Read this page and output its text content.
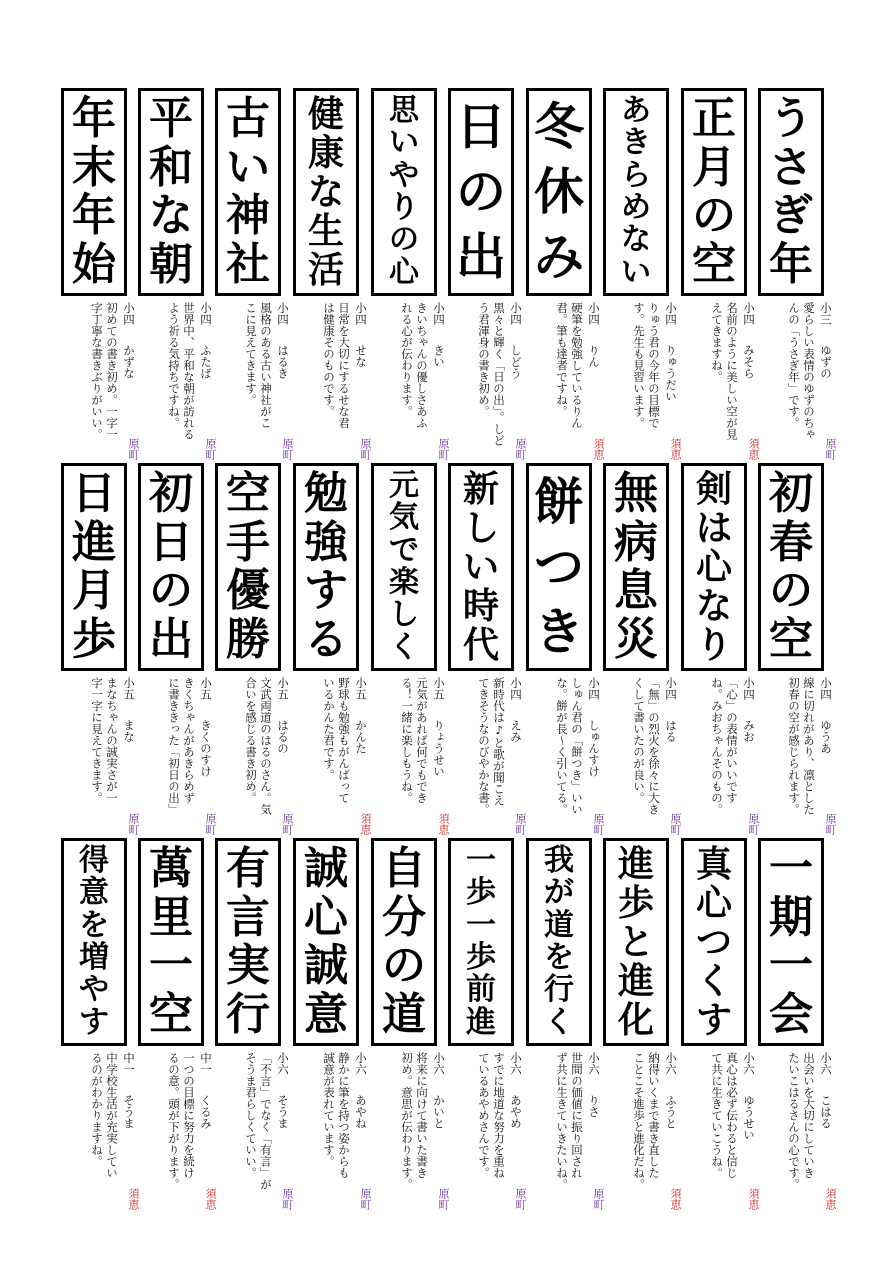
う
さ
ぎ
年
小三　ゆずの
愛らしい表情のゆずのちゃ
んの「うさぎ年」です。
原町
正
月
の
空
小四　みそら
名前のように美しい空が見
えてきますね。
須恵
あ
き
ら
め
な
い
小四　りゅうだい
りゅう君の今年の目標で
す。先生も見習います。
須恵
冬
休
み
小四　りん
硬筆を勉強しているりん
君。筆も達者ですね。
須恵
日
の
出
小四　しどう
黒々と輝く「日の出」。しど
う君渾身の書き初め。
原町
思
い
や
り
の
心
小四　きい
きいちゃんの優しさあふ
れる心が伝わります。
原町
健
康
な
生
活
小四　せな
日常を大切にするせな君
は健康そのものです。
原町
古
い
神
社
小四　はるき
風格のある古い神社がこ
こに見えてきます。
原町
平
和
な
朝
小四　ふたば
世界中、平和な朝が訪れる
よう祈る気持ちですね。
原町
年
末
年
始
小四　かずな
初めての書き初め。一字一
字丁寧な書きぶりがいい。
原町
初
春
の
空
小四　ゆうあ
線に切れがあり、凛とした
初春の空が感じられます。
原町
剣
は
心
な
り
小四　みお
「心」の表情がいいです
ね。みおちゃんそのもの。
原町
無
病
息
災
小四　はる
「無」の烈火を徐々に大き
くして書いたのが良い。
原町
餅
つ
き
小四　しゅんすけ
しゅん君の「餅つき」いい
な。餅が長～く引いてる。
原町
新
し
い
時
代
小四　えみ
新時代は♪と歌が聞こえ
てきそうなのびやかな書。
原町
元
気
で
楽
し
く
小五　りょうせい
元気があれば何でもでき
る！一緒に楽しもうね。
須恵
勉
強
す
る
小五　かんた
野球も勉強もがんばって
いるかんた君です。
須恵
空
手
優
勝
小五　はるの
文武両道のはるのさん。気
合いを感じる書き初め。
原町
初
日
の
出
小五　きくのすけ
きくちゃんがあきらめず
に書ききった「初日の出」
原町
日
進
月
歩
小五　まな
まなちゃんの誠実さが一
字一字に見えてきます。
原町
一
期
一
会
小六　こはる
出会いを大切にしていき
たいこはるさんの心です。
須恵
真
心
つ
く
す
小六　ゆうせい
真心は必ず伝わると信じ
て共に生きていこうね。
須恵
進
歩
と
進
化
小六　ふうと
納得いくまで書き直した
ことこそ進歩と進化だね。
須恵
我
が
道
を
行
く
小六　りさ
世間の価値に振り回され
ず共に生きていきたいね。
原町
一
歩
一
歩
前
進
小六　あやめ
すでに地道な努力を重ね
ているあやめさんです。
原町
自
分
の
道
小六　かいと
将来に向けて書いた書き
初め。意思が伝わります。
原町
誠
心
誠
意
小六　あやね
静かに筆を持つ姿からも
誠意が表れています。
原町
有
言
実
行
小六　そうま
「不言」でなく「有言」が
そうま君らしくていい。
原町
萬
里
一
空
中一　くるみ
一つの目標に努力を続け
るの意。頭が下がります。
須恵
得
意
を
増
や
す
中一　そうま
中学校生活が充実してい
るのがわかりますね。
須恵
